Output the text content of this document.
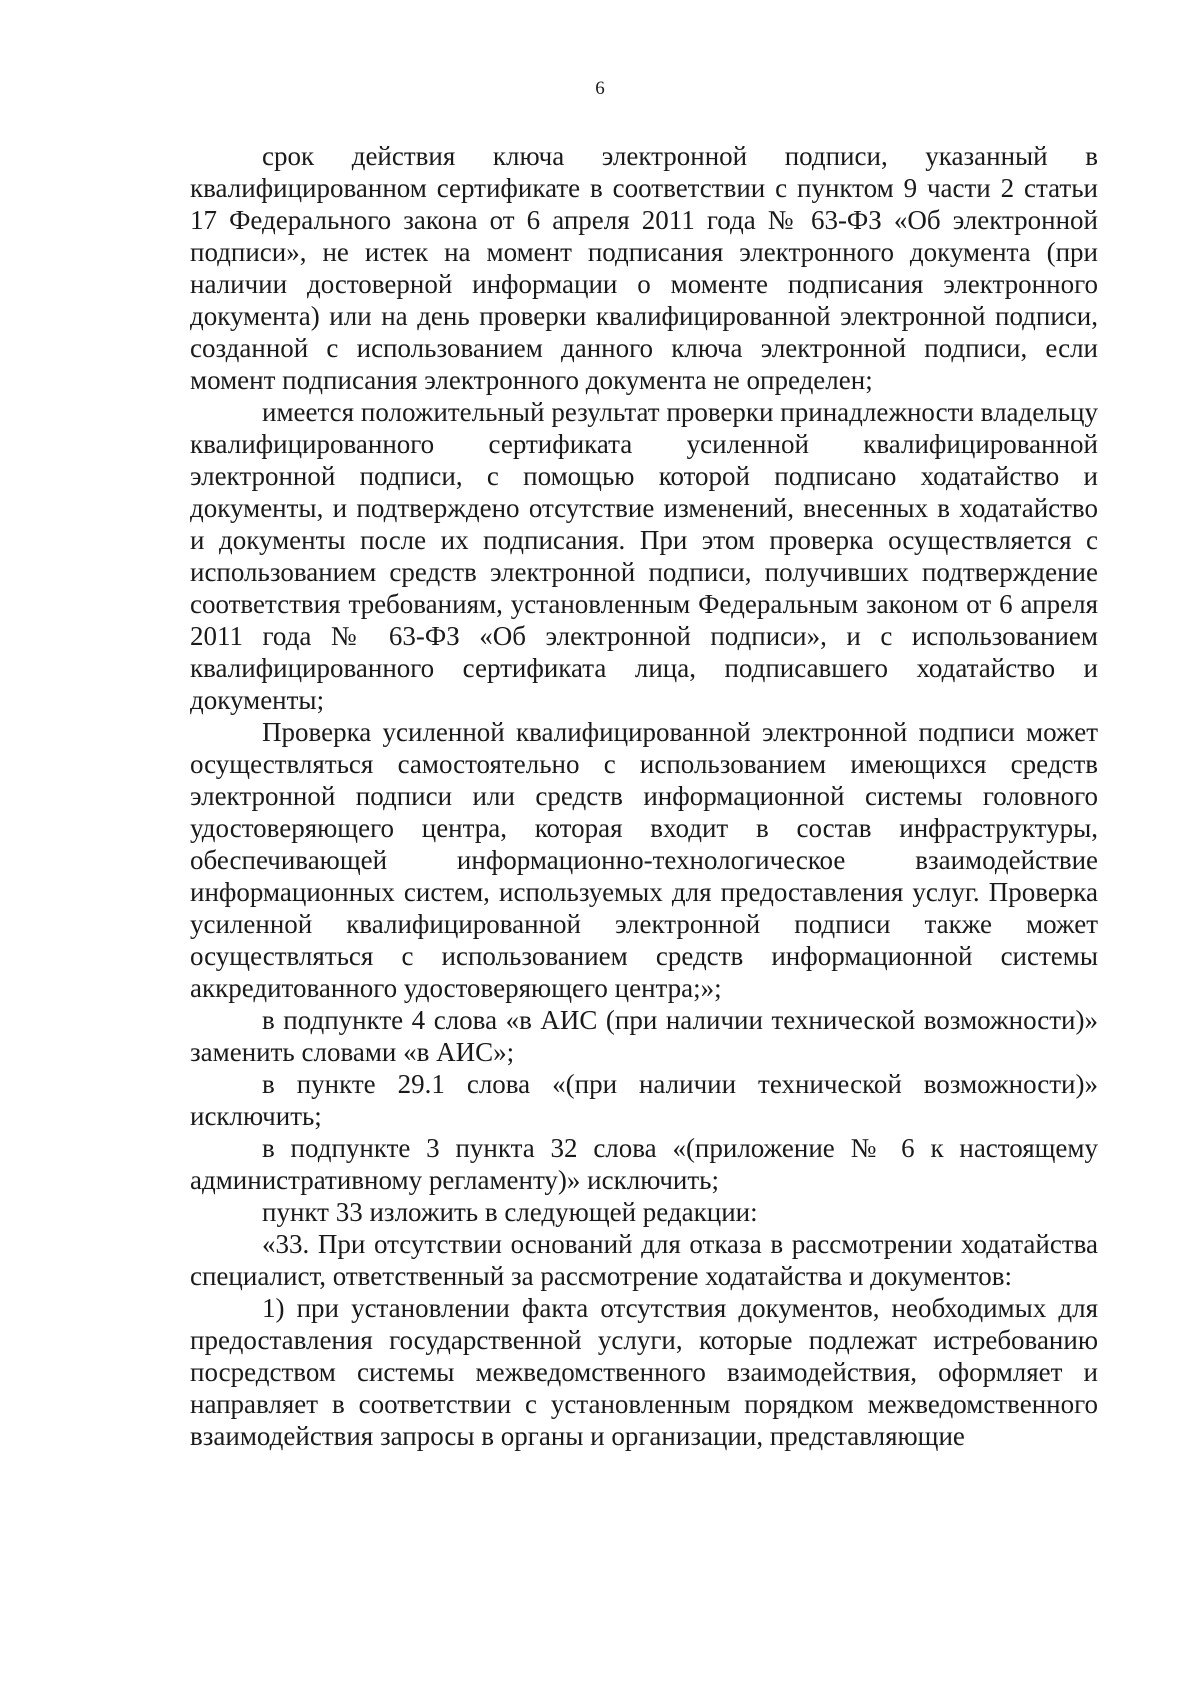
6

срок действия ключа электронной подписи, указанный в квалифицированном сертификате в соответствии с пунктом 9 части 2 статьи 17 Федерального закона от 6 апреля 2011 года № 63-ФЗ «Об электронной подписи», не истек на момент подписания электронного документа (при наличии достоверной информации о моменте подписания электронного документа) или на день проверки квалифицированной электронной подписи, созданной с использованием данного ключа электронной подписи, если момент подписания электронного документа не определен;

имеется положительный результат проверки принадлежности владельцу квалифицированного сертификата усиленной квалифицированной электронной подписи, с помощью которой подписано ходатайство и документы, и подтверждено отсутствие изменений, внесенных в ходатайство и документы после их подписания. При этом проверка осуществляется с использованием средств электронной подписи, получивших подтверждение соответствия требованиям, установленным Федеральным законом от 6 апреля 2011 года № 63-ФЗ «Об электронной подписи», и с использованием квалифицированного сертификата лица, подписавшего ходатайство и документы;

Проверка усиленной квалифицированной электронной подписи может осуществляться самостоятельно с использованием имеющихся средств электронной подписи или средств информационной системы головного удостоверяющего центра, которая входит в состав инфраструктуры, обеспечивающей информационно-технологическое взаимодействие информационных систем, используемых для предоставления услуг. Проверка усиленной квалифицированной электронной подписи также может осуществляться с использованием средств информационной системы аккредитованного удостоверяющего центра;»;

в подпункте 4 слова «в АИС (при наличии технической возможности)» заменить словами «в АИС»;

в пункте 29.1 слова «(при наличии технической возможности)» исключить;

в подпункте 3 пункта 32 слова «(приложение № 6 к настоящему административному регламенту)» исключить;

пункт 33 изложить в следующей редакции:

«33. При отсутствии оснований для отказа в рассмотрении ходатайства специалист, ответственный за рассмотрение ходатайства и документов:

1) при установлении факта отсутствия документов, необходимых для предоставления государственной услуги, которые подлежат истребованию посредством системы межведомственного взаимодействия, оформляет и направляет в соответствии с установленным порядком межведомственного взаимодействия запросы в органы и организации, представляющие
